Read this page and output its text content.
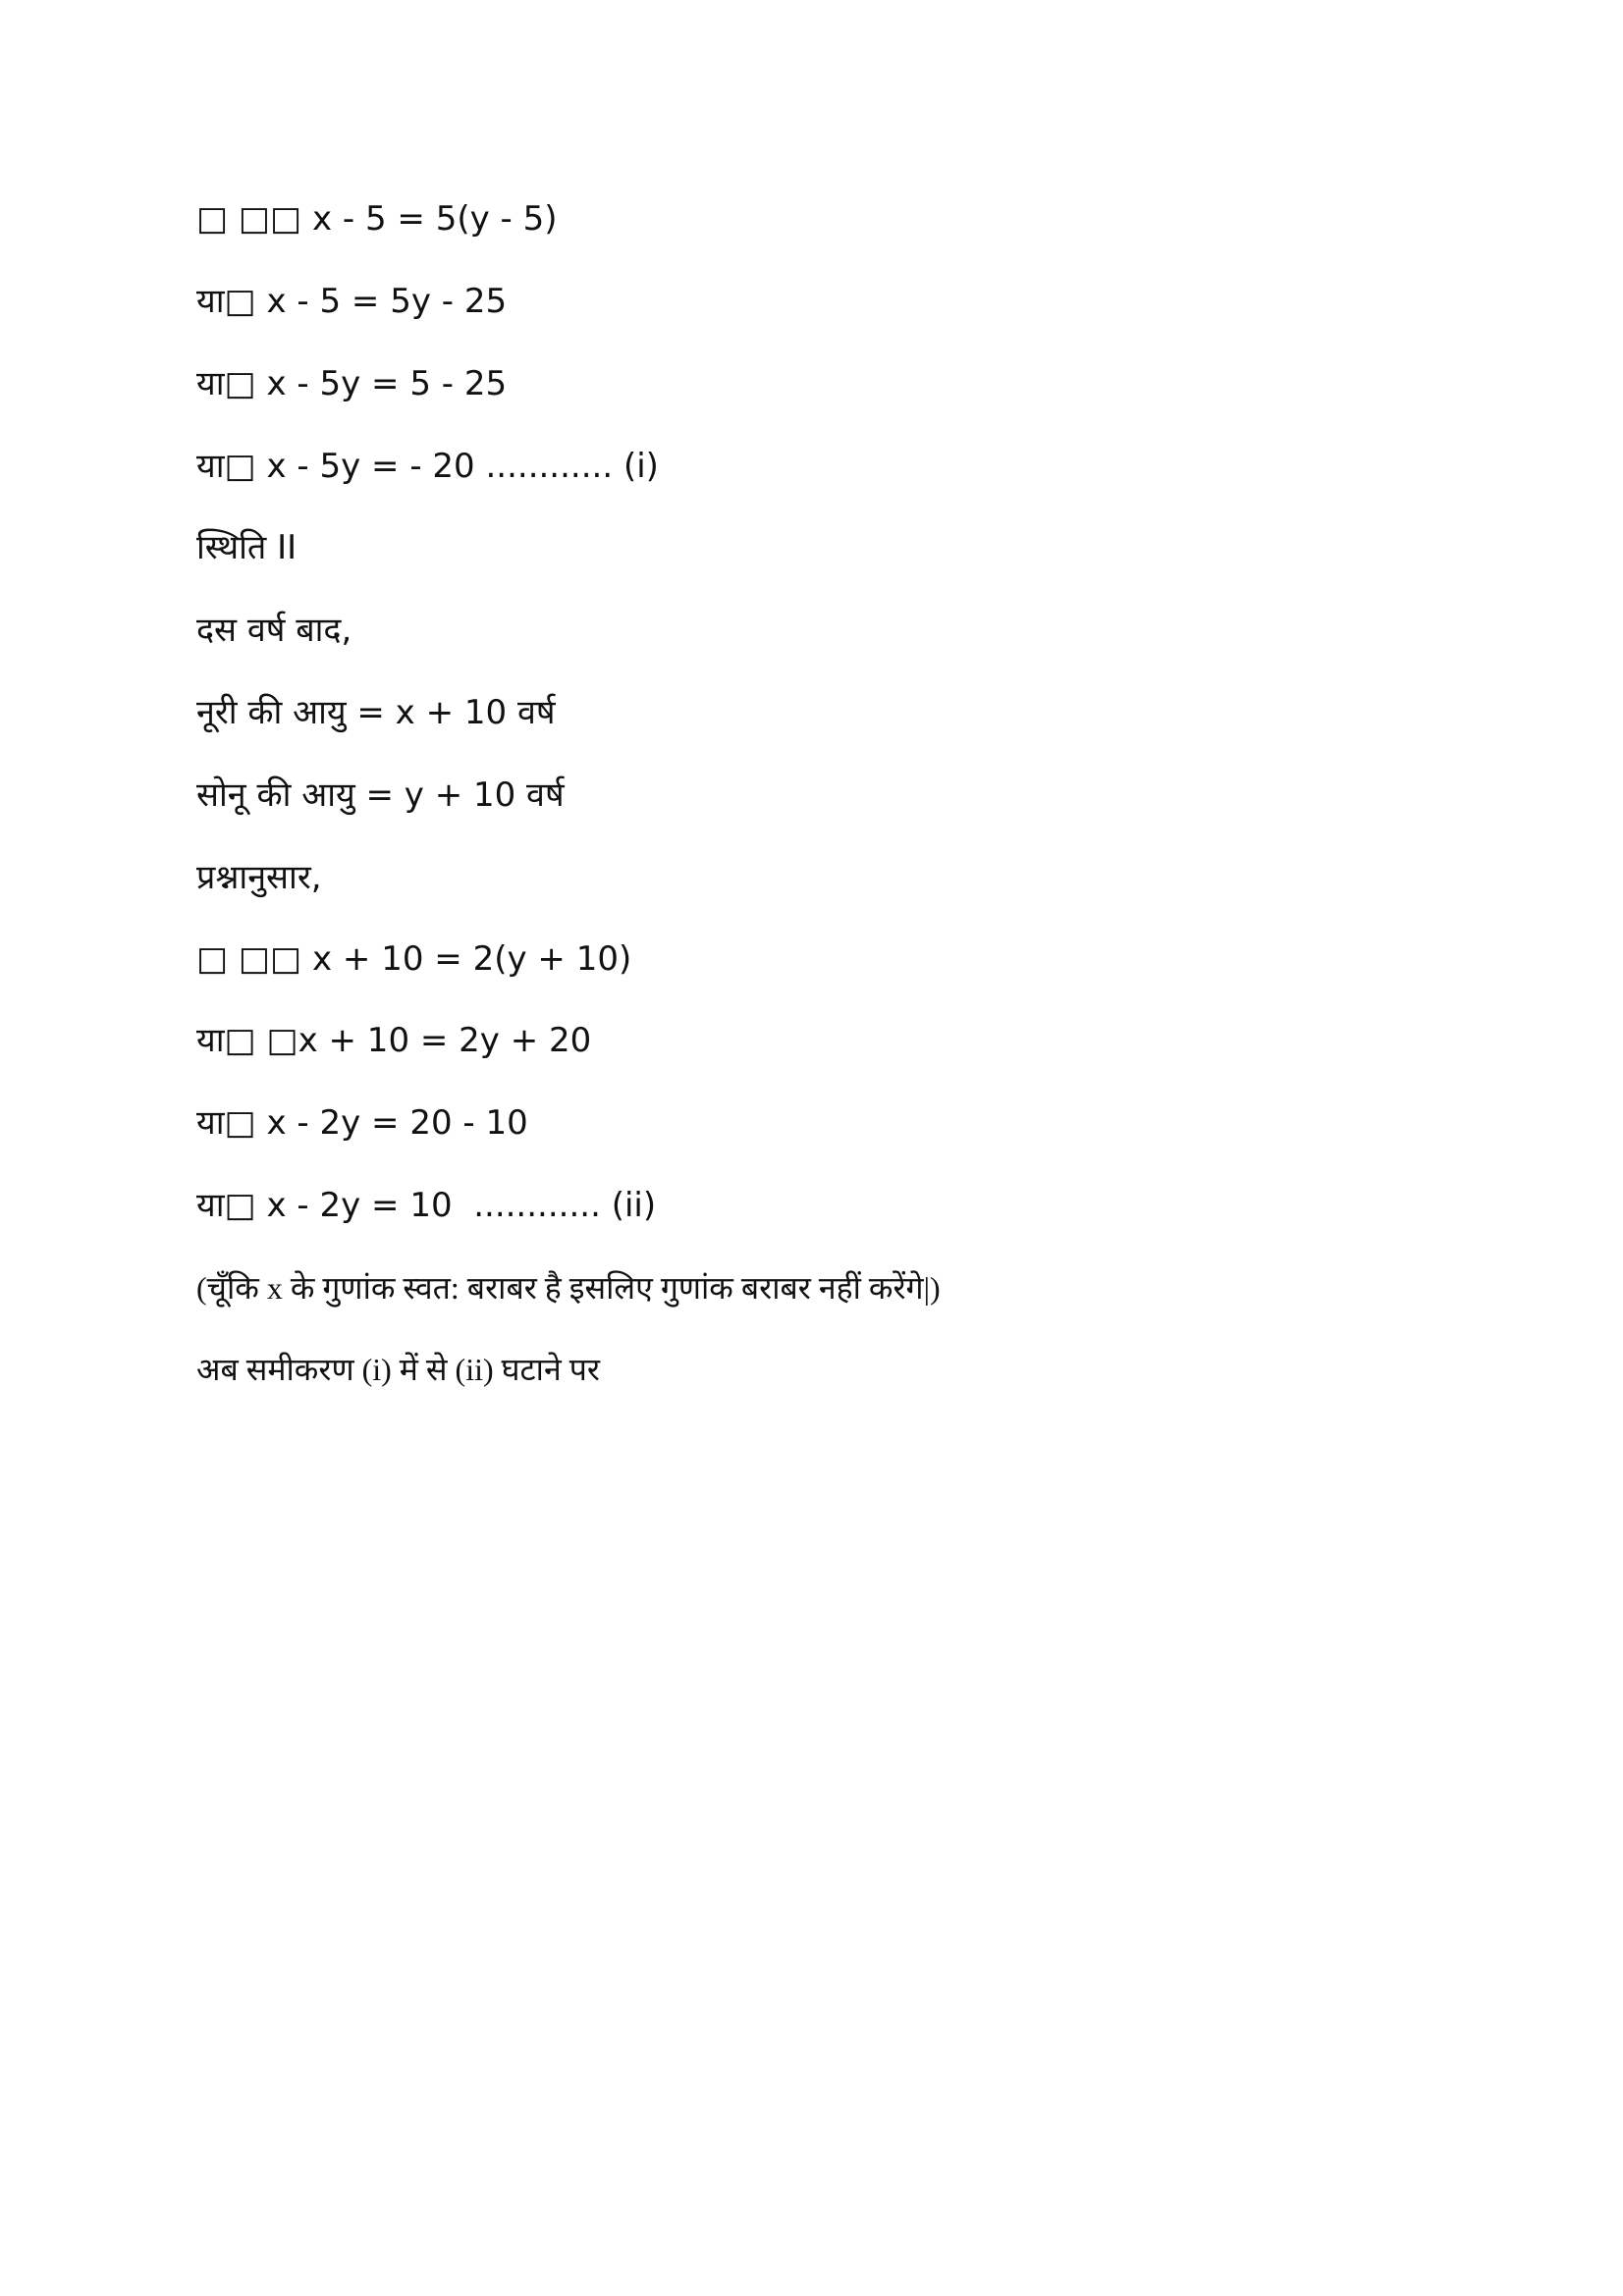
□ □□ x - 5 = 5(y - 5)
या□ x - 5 = 5y - 25
या□ x - 5y = 5 - 25
या□ x - 5y = - 20 ............ (i)
स्थिति II
दस वर्ष बाद,
नूरी की आयु = x + 10 वर्ष
सोनू की आयु = y + 10 वर्ष
प्रश्नानुसार,
□ □□ x + 10 = 2(y + 10)
या□ □x + 10 = 2y + 20
या□ x - 2y = 20 - 10
या□ x - 2y = 10  ............ (ii)
(चूँकि x के गुणांक स्वत: बराबर है इसलिए गुणांक बराबर नहीं करेंगे|)
अब समीकरण (i) में से (ii) घटाने पर
